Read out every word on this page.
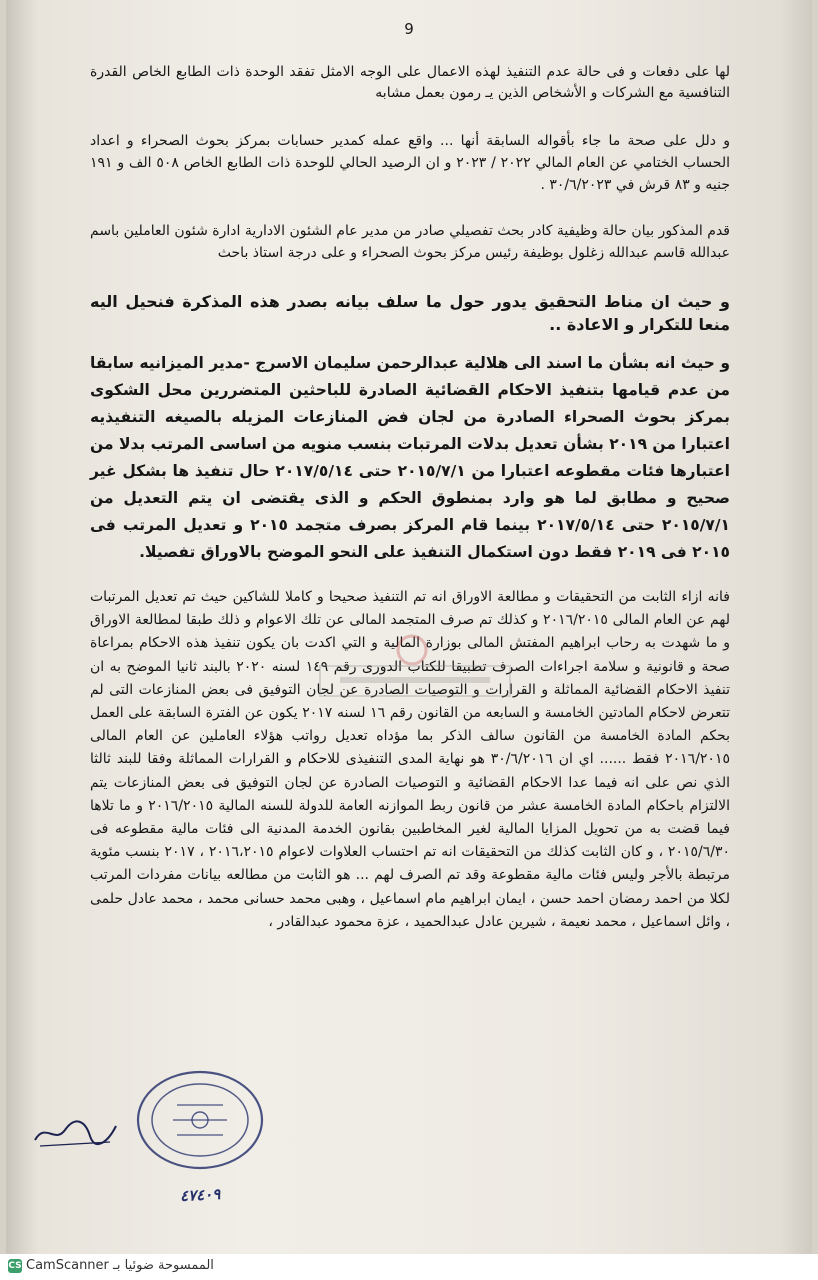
9

لها على دفعات و فى حالة عدم التنفيذ لهذه الاعمال على الوجه الامثل تفقد الوحدة ذات الطابع الخاص القدرة التنافسية مع الشركات و الأشخاص الذين يـ رمون بعمل مشابه

و دلل على صحة ما جاء بأقواله السابقة أنها ... واقع عمله كمدير حسابات بمركز بحوث الصحراء و اعداد الحساب الختامي عن العام المالي ٢٠٢٢ / ٢٠٢٣ و ان الرصيد الحالي للوحدة ذات الطابع الخاص ٥٠٨ الف و ١٩١ جنيه و ٨٣ قرش في ٣٠/٦/٢٠٢٣ .

قدم المذكور بيان حالة وظيفية كادر بحث تفصيلي صادر من مدير عام الشئون الادارية ادارة شئون العاملين باسم عبدالله قاسم عبدالله زغلول بوظيفة رئيس مركز بحوث الصحراء و على درجة استاذ باحث

و حيث ان مناط التحقيق يدور حول ما سلف بيانه بصدر هذه المذكرة فنحيل اليه منعا للتكرار و الاعادة ..

و حيث انه بشأن ما اسند الى هلالية عبدالرحمن سليمان الاسرج -مدير الميزانيه سابقا من عدم قيامها بتنفيذ الاحكام القضائية الصادرة للباحثين المتضررين محل الشكوى بمركز بحوث الصحراء الصادرة من لجان فض المنازعات المزيله بالصيغه التنفيذيه اعتبارا من ٢٠١٩ بشأن تعديل بدلات المرتبات بنسب منويه من اساسى المرتب بدلا من اعتبارها فئات مقطوعه اعتبارا من ٢٠١٥/٧/١ حتى ٢٠١٧/٥/١٤ حال تنفيذ ها بشكل غير صحيح و مطابق لما هو وارد بمنطوق الحكم و الذى يقتضى ان يتم التعديل من ٢٠١٥/٧/١ حتى ٢٠١٧/٥/١٤ بينما قام المركز بصرف متجمد ٢٠١٥ و تعديل المرتب فى ٢٠١٥ فى ٢٠١٩ فقط دون استكمال التنفيذ على النحو الموضح بالاوراق تفصيلا.

فانه ازاء الثابت من التحقيقات و مطالعة الاوراق انه تم التنفيذ صحيحا و كاملا للشاكين حيث تم تعديل المرتبات لهم عن العام المالى ٢٠١٦/٢٠١٥ و كذلك تم صرف المتجمد المالى عن تلك الاعوام و ذلك طبقا لمطالعة الاوراق و ما شهدت به رحاب ابراهيم المفتش المالى بوزارة المالية و التي اكدت بان يكون تنفيذ هذه الاحكام بمراعاة صحة و قانونية و سلامة اجراءات الصرف تطبيقا للكتاب الدورى رقم ١٤٩ لسنه ٢٠٢٠ بالبند ثانيا الموضح به ان تنفيذ الاحكام القضائية المماثلة و القرارات و التوصيات الصادرة عن لجان التوفيق فى بعض المنازعات التى لم تتعرض لاحكام المادتين الخامسة و السابعه من القانون رقم ١٦ لسنه ٢٠١٧ يكون عن الفترة السابقة على العمل بحكم المادة الخامسة من القانون سالف الذكر بما مؤداه تعديل رواتب هؤلاء العاملين عن العام المالى ٢٠١٦/٢٠١٥ فقط ...... اي ان ٣٠/٦/٢٠١٦ هو نهاية المدى التنفيذى للاحكام و القرارات المماثلة وفقا للبند ثالثا الذي نص على انه فيما عدا الاحكام القضائية و التوصيات الصادرة عن لجان التوفيق فى بعض المنازعات يتم الالتزام باحكام المادة الخامسة عشر من قانون ربط الموازنه العامة للدولة للسنه المالية ٢٠١٦/٢٠١٥ و ما تلاها فيما قضت به من تحويل المزايا المالية لغير المخاطبين بقانون الخدمة المدنية الى فئات مالية مقطوعه فى ٢٠١٥/٦/٣٠ ، و كان الثابت كذلك من التحقيقات انه تم احتساب العلاوات لاعوام ٢٠١٦،٢٠١٥ ، ٢٠١٧ بنسب مئوية مرتبطة بالأجر وليس فئات مالية مقطوعة وقد تم الصرف لهم ... هو الثابت من مطالعه بيانات مفردات المرتب لكلا من احمد رمضان احمد حسن ، ايمان ابراهيم مام اسماعيل ، وهبى محمد حسانى محمد ، محمد عادل حلمى ، وائل اسماعيل ، محمد نعيمة ، شيرين عادل عبدالحميد ، عزة محمود عبدالقادر ،

٤٧٤٠٩
CS	الممسوحة ضوئيا بـ CamScanner
